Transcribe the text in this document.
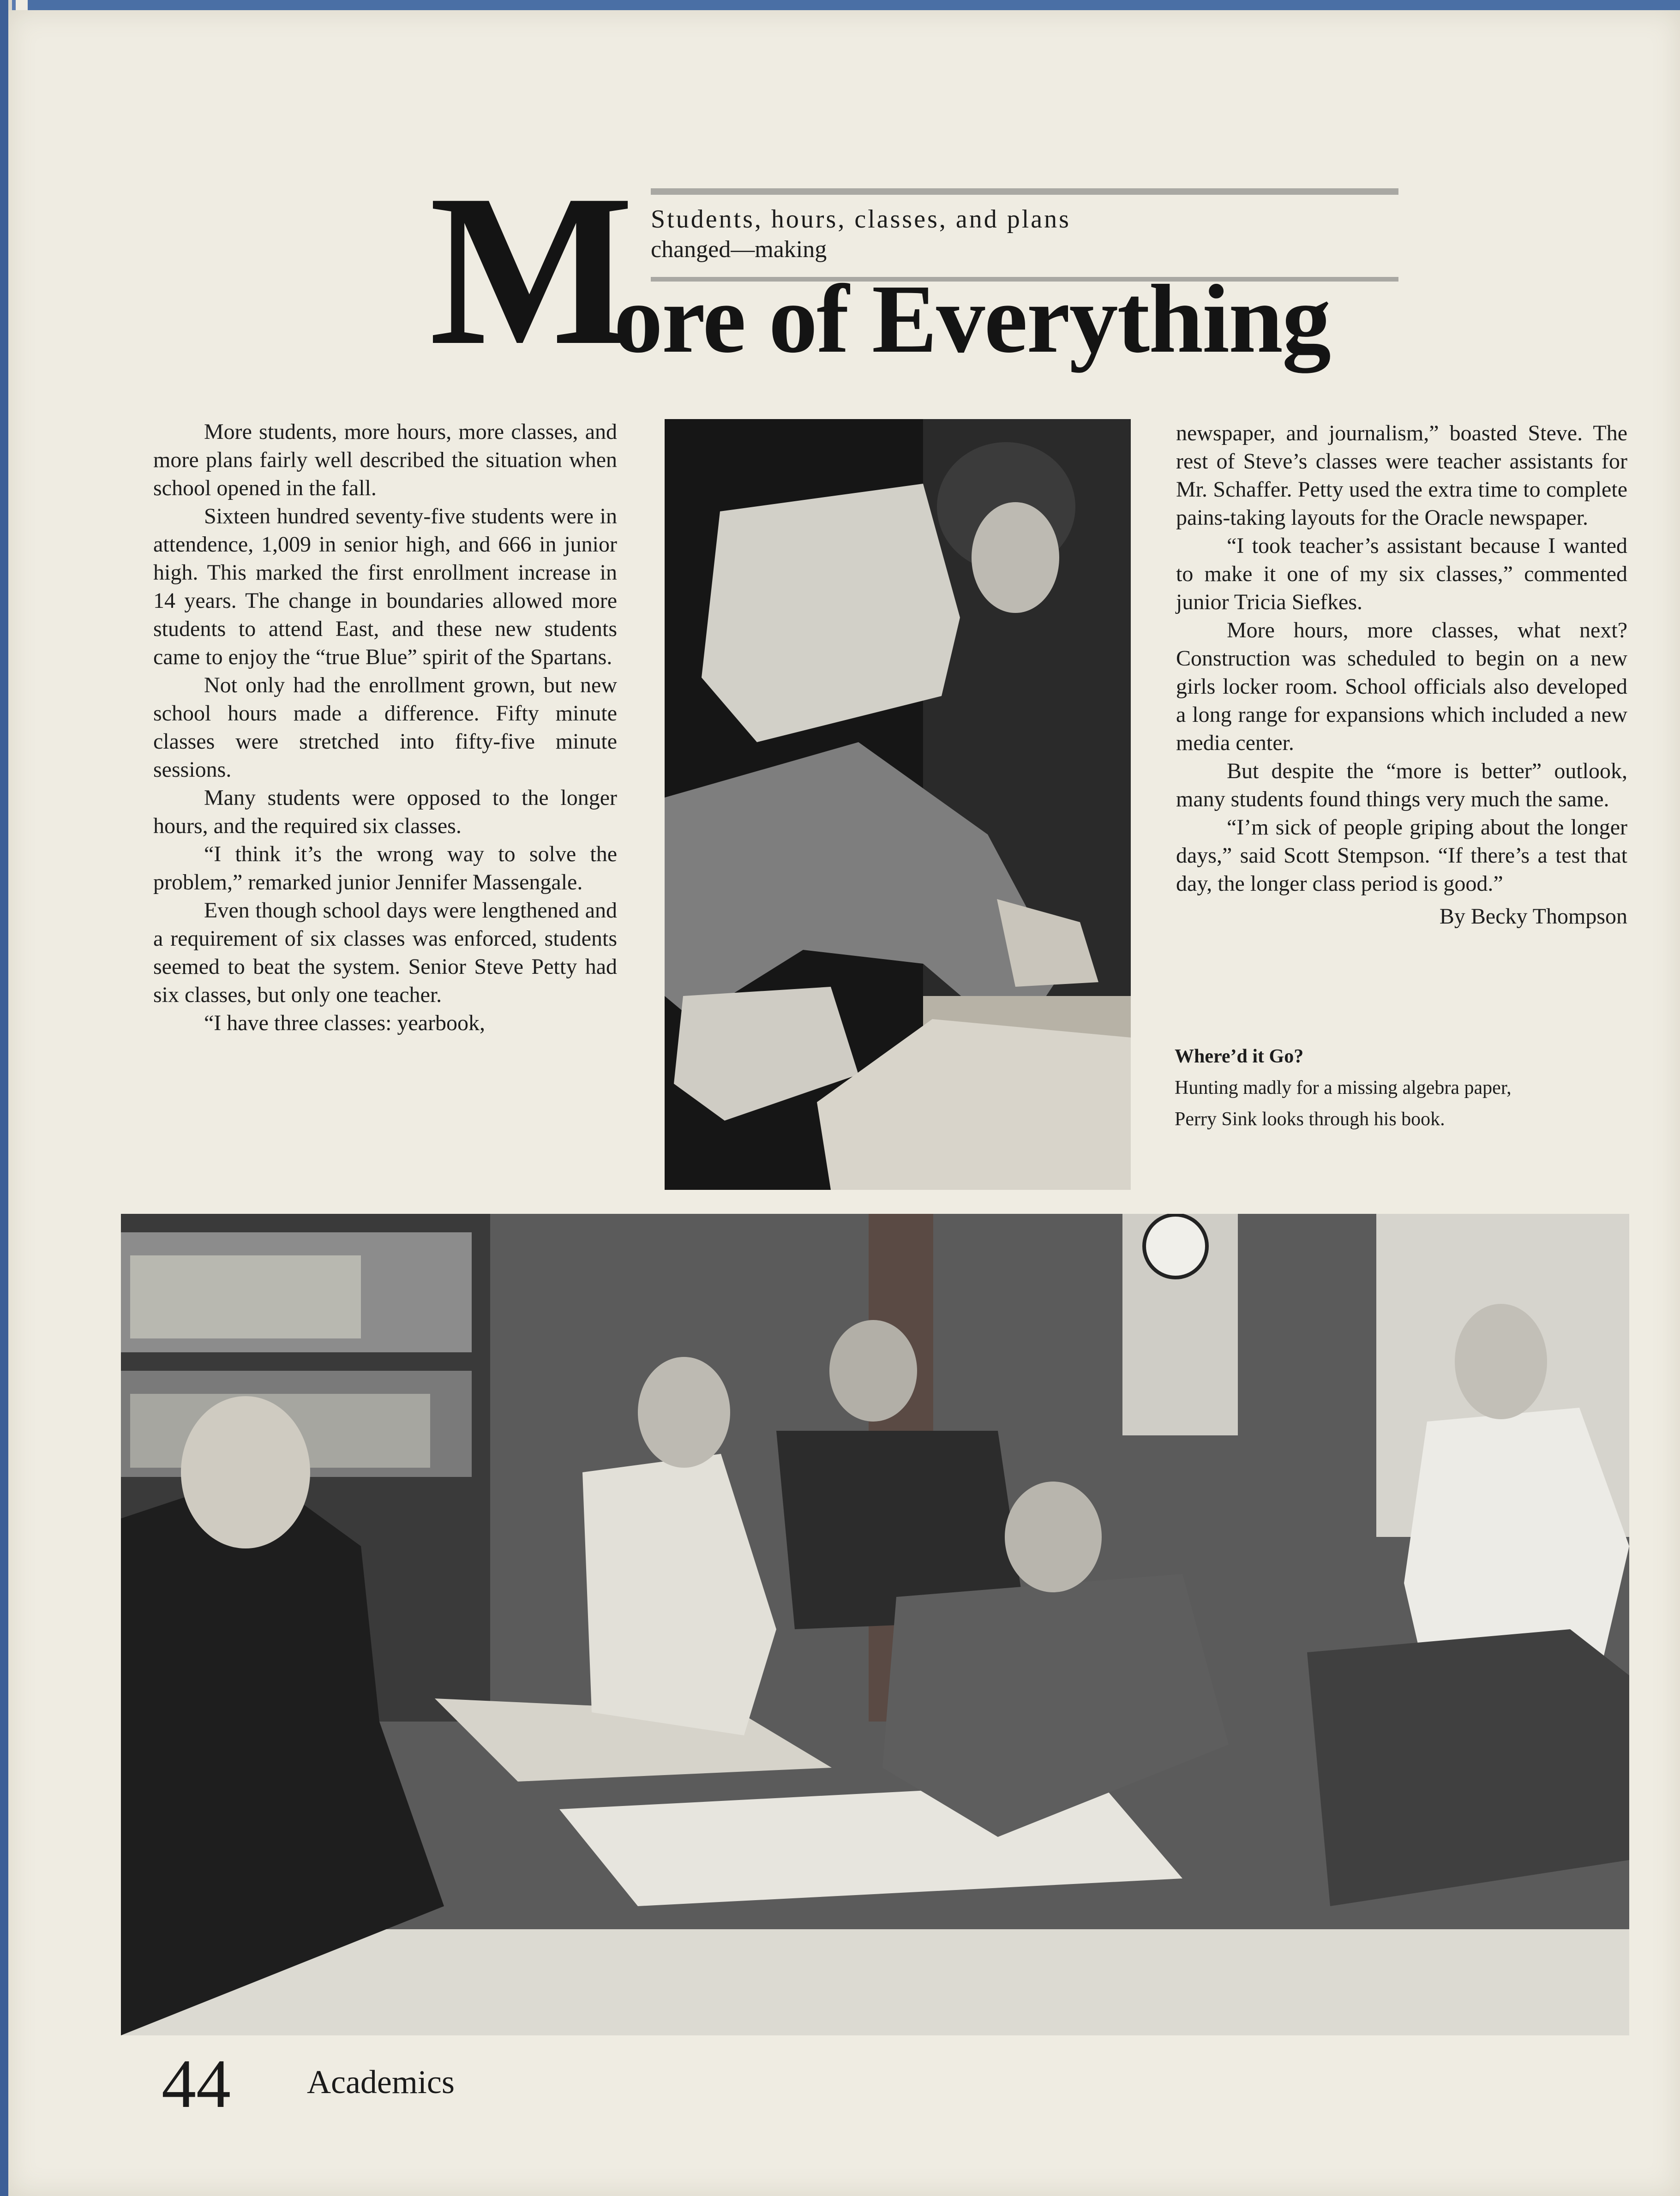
M Students, hours, classes, and plans
changed—making
ore of Everything

More students, more hours, more classes, and more plans fairly well described the situation when school opened in the fall.

Sixteen hundred seventy-five students were in attendence, 1,009 in senior high, and 666 in junior high. This marked the first enrollment increase in 14 years. The change in boundaries allowed more students to attend East, and these new students came to enjoy the “true Blue” spirit of the Spartans.

Not only had the enrollment grown, but new school hours made a difference. Fifty minute classes were stretched into fifty-five minute sessions.

Many students were opposed to the longer hours, and the required six classes.

“I think it’s the wrong way to solve the problem,” remarked junior Jennifer Massengale.

Even though school days were lengthened and a requirement of six classes was enforced, students seemed to beat the system. Senior Steve Petty had six classes, but only one teacher.

“I have three classes: yearbook,

newspaper, and journalism,” boasted Steve. The rest of Steve’s classes were teacher assistants for Mr. Schaffer. Petty used the extra time to complete pains-taking layouts for the Oracle newspaper.

“I took teacher’s assistant because I wanted to make it one of my six classes,” commented junior Tricia Siefkes.

More hours, more classes, what next? Construction was scheduled to begin on a new girls locker room. School officials also developed a long range for expansions which included a new media center.

But despite the “more is better” outlook, many students found things very much the same.

“I’m sick of people griping about the longer days,” said Scott Stempson. “If there’s a test that day, the longer class period is good.”

By Becky Thompson

Where’d it Go?
Hunting madly for a missing algebra paper,
Perry Sink looks through his book.
44 Academics
